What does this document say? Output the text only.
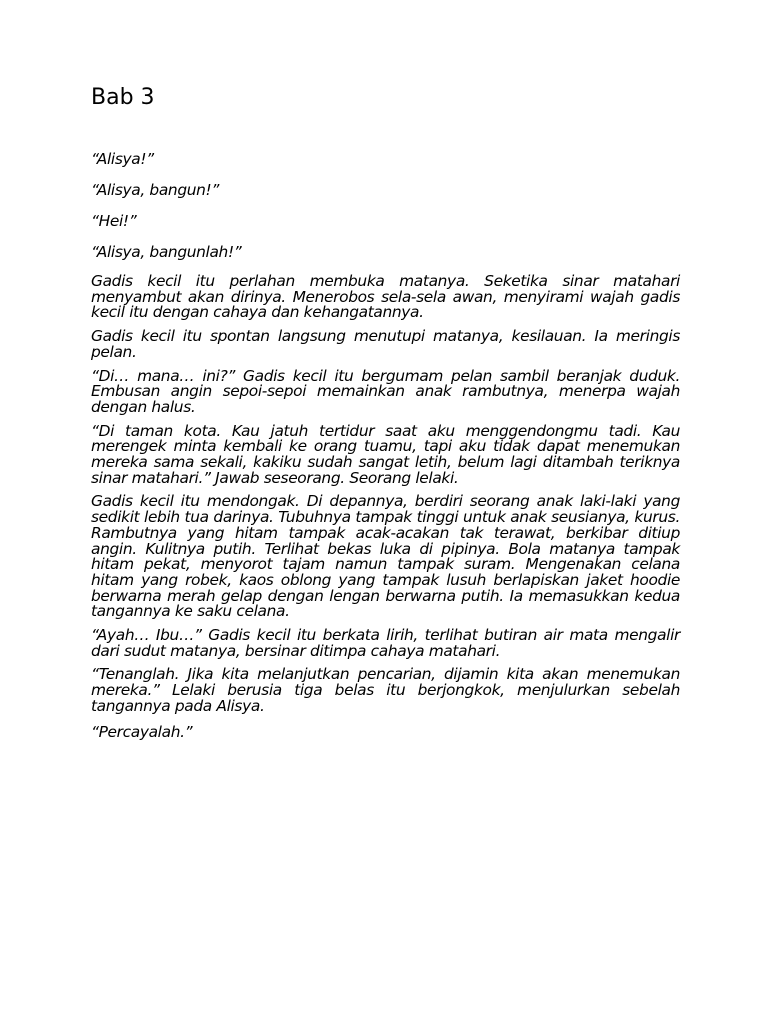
Bab 3

“Alisya!”

“Alisya, bangun!”

“Hei!”

“Alisya, bangunlah!”

Gadis kecil itu perlahan membuka matanya. Seketika sinar matahari menyambut akan dirinya. Menerobos sela-sela awan, menyirami wajah gadis kecil itu dengan cahaya dan kehangatannya.

Gadis kecil itu spontan langsung menutupi matanya, kesilauan. Ia meringis pelan.

“Di… mana… ini?” Gadis kecil itu bergumam pelan sambil beranjak duduk. Embusan angin sepoi-sepoi memainkan anak rambutnya, menerpa wajah dengan halus.

“Di taman kota. Kau jatuh tertidur saat aku menggendongmu tadi. Kau merengek minta kembali ke orang tuamu, tapi aku tidak dapat menemukan mereka sama sekali, kakiku sudah sangat letih, belum lagi ditambah teriknya sinar matahari.” Jawab seseorang. Seorang lelaki.

Gadis kecil itu mendongak. Di depannya, berdiri seorang anak laki-laki yang sedikit lebih tua darinya. Tubuhnya tampak tinggi untuk anak seusianya, kurus. Rambutnya yang hitam tampak acak-acakan tak terawat, berkibar ditiup angin. Kulitnya putih. Terlihat bekas luka di pipinya. Bola matanya tampak hitam pekat, menyorot tajam namun tampak suram. Mengenakan celana hitam yang robek, kaos oblong yang tampak lusuh berlapiskan jaket hoodie berwarna merah gelap dengan lengan berwarna putih. Ia memasukkan kedua tangannya ke saku celana.

“Ayah… Ibu…” Gadis kecil itu berkata lirih, terlihat butiran air mata mengalir dari sudut matanya, bersinar ditimpa cahaya matahari.

“Tenanglah. Jika kita melanjutkan pencarian, dijamin kita akan menemukan mereka.” Lelaki berusia tiga belas itu berjongkok, menjulurkan sebelah tangannya pada Alisya.

“Percayalah.”
